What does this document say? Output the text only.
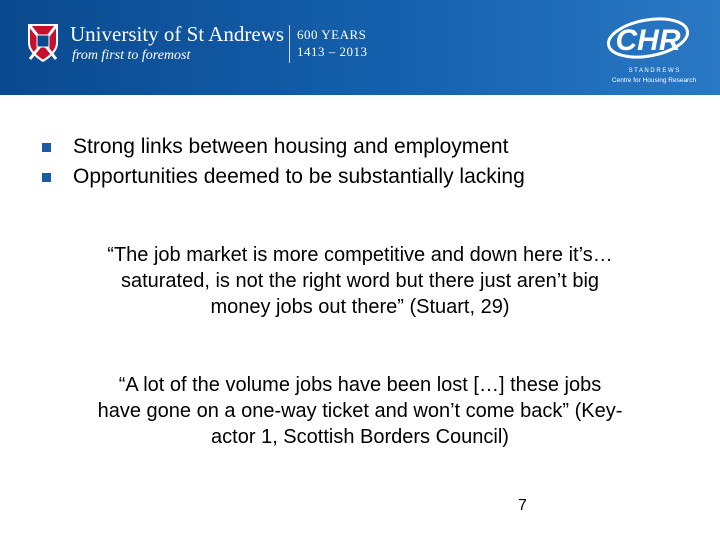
University of St Andrews
from first to foremost
600 YEARS
1413 – 2013	CHR
S T A N D R E W S
Centre for Housing Research
Strong links between housing and employment
Opportunities deemed to be substantially lacking
“The job market is more competitive and down here it’s…
saturated, is not the right word but there just aren’t big
money jobs out there” (Stuart, 29)
“A lot of the volume jobs have been lost […] these jobs
have gone on a one-way ticket and won’t come back” (Key-
actor 1, Scottish Borders Council)
7
